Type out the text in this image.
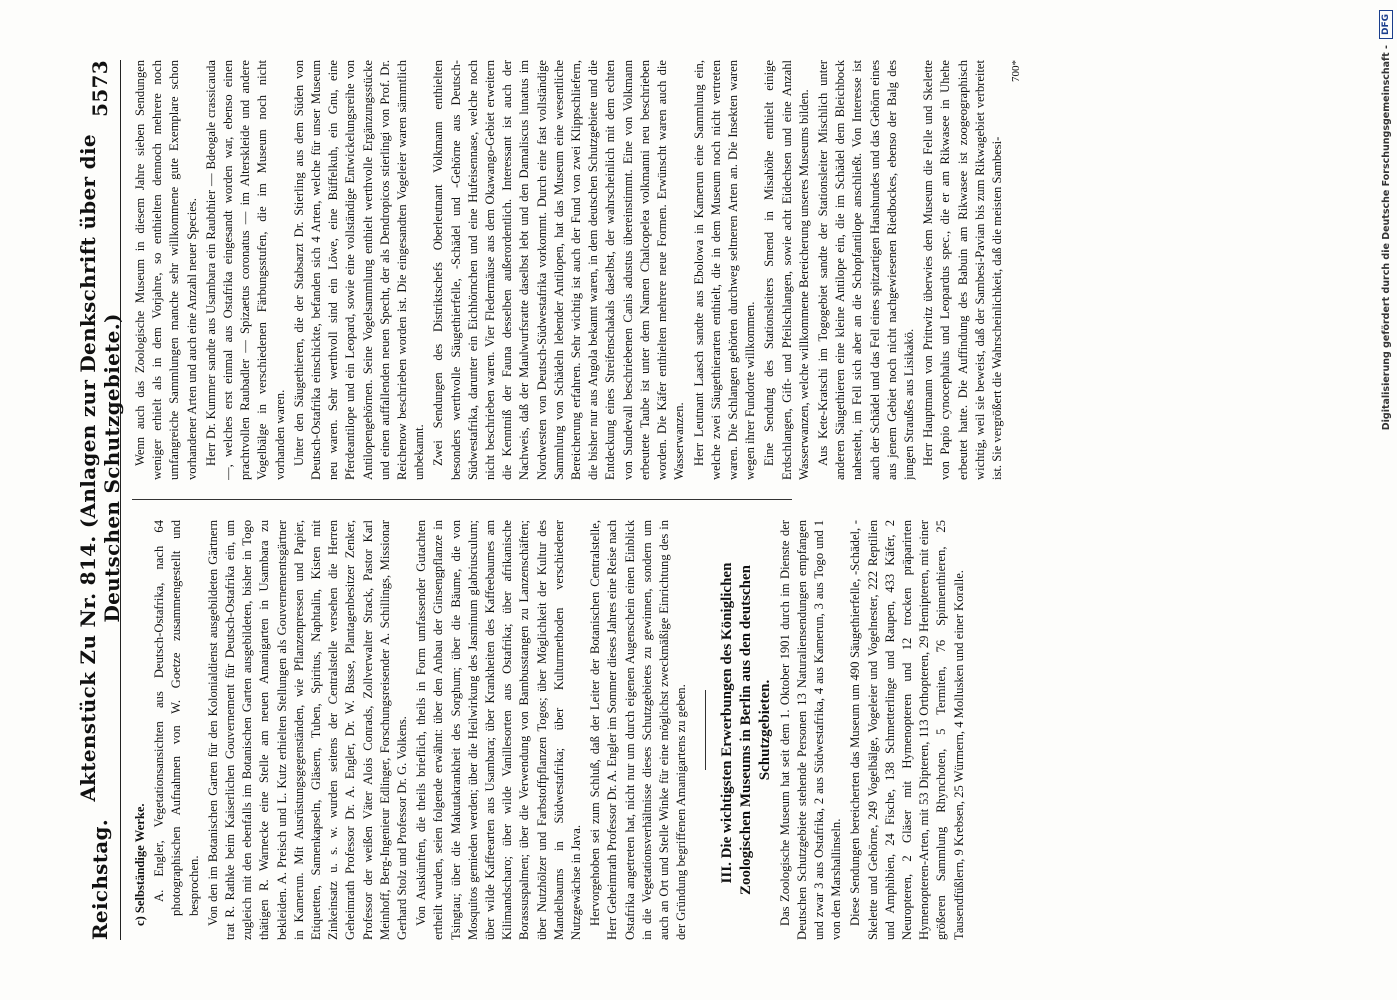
Reichstag.
Aktenstück Zu Nr. 814. (Anlagen zur Denkschrift über die Deutschen Schutzgebiete.)
5573

c) Selbständige Werke. A. Engler, Vegetationsansichten aus Deutsch-Ostafrika, nach 64 photographischen Aufnahmen von W. Goetze zusammengestellt und besprochen. Von den im Botanischen Garten für den Kolonialdienst ausgebildeten Gärtnern trat R. Rathke beim Kaiserlichen Gouvernement für Deutsch-Ostafrika ein, um zugleich mit den ebenfalls im Botanischen Garten ausgebildeten, bisher in Togo thätigen R. Warnecke eine Stelle am neuen Amanigarten in Usambara zu bekleiden. A. Preisch und L. Kutz erhielten Stellungen als Gouvernementsgärtner in Kamerun. Mit Ausrüstungsgegenständen, wie Pflanzenpressen und Papier, Etiquetten, Samenkapseln, Gläsern, Tuben, Spiritus, Naphtalin, Kisten mit Zinkeinsatz u. s. w. wurden seitens der Centralstelle versehen die Herren Geheimrath Professor Dr. A. Engler, Dr. W. Busse, Plantagenbesitzer Zenker, Professor der weißen Väter Alois Conrads, Zollverwalter Strack, Pastor Karl Meinhoff, Berg-Ingenieur Edlinger, Forschungsreisender A. Schillings, Missionar Gerhard Stolz und Professor Dr. G. Volkens. Von Auskünften, die theils brieflich, theils in Form umfassender Gutachten ertheilt wurden, seien folgende erwähnt: über den Anbau der Ginsengpflanze in Tsingtau; über die Makutakrankheit des Sorghum; über die Bäume, die von Mosquitos gemieden werden; über die Heilwirkung des Jasminum glabriusculum; über wilde Kaffeearten aus Usambara; über Krankheiten des Kaffeebaumes am Kilimandscharo; über wilde Vanillesorten aus Ostafrika; über afrikanische Borassuspalmen; über die Verwendung von Bambusstangen zu Lanzenschäften; über Nutzhölzer und Farbstoffpflanzen Togos; über Möglichkeit der Kultur des Mandelbaums in Südwestafrika; über Kulturmethoden verschiedener Nutzgewächse in Java. Hervorgehoben sei zum Schluß, daß der Leiter der Botanischen Centralstelle, Herr Geheimrath Professor Dr. A. Engler im Sommer dieses Jahres eine Reise nach Ostafrika angetreten hat, nicht nur um durch eigenen Augenschein einen Einblick in die Vegetationsverhältnisse dieses Schutzgebietes zu gewinnen, sondern um auch an Ort und Stelle Winke für eine möglichst zweckmäßige Einrichtung des in der Gründung begriffenen Amanigartens zu geben. III. Die wichtigsten Erwerbungen des Königlichen Zoologischen Museums in Berlin aus den deutschen Schutzgebieten. Das Zoologische Museum hat seit dem 1. Oktober 1901 durch im Dienste der Deutschen Schutzgebiete stehende Personen 13 Naturaliensendungen empfangen und zwar 3 aus Ostafrika, 2 aus Südwestafrika, 4 aus Kamerun, 3 aus Togo und 1 von den Marshallinseln. Diese Sendungen bereicherten das Museum um 490 Säugethierfelle, -Schädel, -Skelette und Gehörne, 249 Vogelbälge, Vogeleier und Vogelnester, 222 Reptilien und Amphibien, 24 Fische, 138 Schmetterlinge und Raupen, 433 Käfer, 2 Neuropteren, 2 Gläser mit Hymenopteren und 12 trocken präparirten Hymenopteren-Arten, mit 53 Dipteren, 113 Orthopteren, 29 Hemipteren, mit einer größeren Sammlung Rhynchoten, 5 Termiten, 76 Spinnenthieren, 25 Tausendfüßlern, 9 Krebsen, 25 Würmern, 4 Mollusken und einer Koralle.

Wenn auch das Zoologische Museum in diesem Jahre sieben Sendungen weniger erhielt als in dem Vorjahre, so enthielten dennoch mehrere noch umfangreiche Sammlungen manche sehr willkommene gute Exemplare schon vorhandener Arten und auch eine Anzahl neuer Species. Herr Dr. Kummer sandte aus Usambara ein Raubthier — Bdeogale crassicauda —, welches erst einmal aus Ostafrika eingesandt worden war, ebenso einen prachtvollen Raubadler — Spizaetus coronatus — im Alterskleide und andere Vogelbälge in verschiedenen Färbungsstufen, die im Museum noch nicht vorhanden waren. Unter den Säugethieren, die der Stabsarzt Dr. Stierling aus dem Süden von Deutsch-Ostafrika einschickte, befanden sich 4 Arten, welche für unser Museum neu waren. Sehr werthvoll sind ein Löwe, eine Büffelkuh, ein Gnu, eine Pferdeantilope und ein Leopard, sowie eine vollständige Entwickelungsreihe von Antilopengehörnen. Seine Vogelsammlung enthielt werthvolle Ergänzungsstücke und einen auffallenden neuen Specht, der als Dendropicos stierlingi von Prof. Dr. Reichenow beschrieben worden ist. Die eingesandten Vogeleier waren sämmtlich unbekannt. Zwei Sendungen des Distriktschefs Oberleutnant Volkmann enthielten besonders werthvolle Säugethierfelle, -Schädel und -Gehörne aus Deutsch-Südwestafrika, darunter ein Eichhörnchen und eine Hufeisennase, welche noch nicht beschrieben waren. Vier Fledermäuse aus dem Okawango-Gebiet erweitern die Kenntniß der Fauna desselben außerordentlich. Interessant ist auch der Nachweis, daß der Maulwurfsratte daselbst lebt und den Damaliscus lunatus im Nordwesten von Deutsch-Südwestafrika vorkommt. Durch eine fast vollständige Sammlung von Schädeln lebender Antilopen, hat das Museum eine wesentliche Bereicherung erfahren. Sehr wichtig ist auch der Fund von zwei Klippschliefern, die bisher nur aus Angola bekannt waren, in dem deutschen Schutzgebiete und die Entdeckung eines Streifenschakals daselbst, der wahrscheinlich mit dem echten von Sundevall beschriebenen Canis adustus übereinstimmt. Eine von Volkmann erbeutete Taube ist unter dem Namen Chalcopelea volkmanni neu beschrieben worden. Die Käfer enthielten mehrere neue Formen. Erwünscht waren auch die Wasserwanzen. Herr Leutnant Laasch sandte aus Ebolowa in Kamerun eine Sammlung ein, welche zwei Säugethierarten enthielt, die in dem Museum noch nicht vertreten waren. Die Schlangen gehörten durchweg seltneren Arten an. Die Insekten waren wegen ihrer Fundorte willkommen. Eine Sendung des Stationsleiters Smend in Misahöhe enthielt einige Erdschlangen, Gift- und Pfeilschlangen, sowie acht Eidechsen und eine Anzahl Wasserwanzen, welche willkommene Bereicherung unseres Museums bilden. Aus Kete-Kratschi im Togogebiet sandte der Stationsleiter Mischlich unter anderen Säugethieren eine kleine Antilope ein, die im Schädel dem Bleichbock nahesteht, im Fell sich aber an die Schopfantilope anschließt. Von Interesse ist auch der Schädel und das Fell eines spitzartigen Haushundes und das Gehörn eines aus jenem Gebiet noch nicht nachgewiesenen Riedbockes, ebenso der Balg des jungen Straußes aus Lisikakö. Herr Hauptmann von Prittwitz überwies dem Museum die Felle und Skelette von Papio cynocephalus und Leopardus spec., die er am Rikwasee in Uhehe erbeutet hatte. Die Auffindung des Babuin am Rikwasee ist zoogeographisch wichtig, weil sie beweist, daß der Sambesi-Pavian bis zum Rikwagebiet verbreitet ist. Sie vergrößert die Wahrscheinlichkeit, daß die meisten Sambesi-

700*	Digitalisierung gefördert durch die Deutsche Forschungsgemeinschaft -
DFG
